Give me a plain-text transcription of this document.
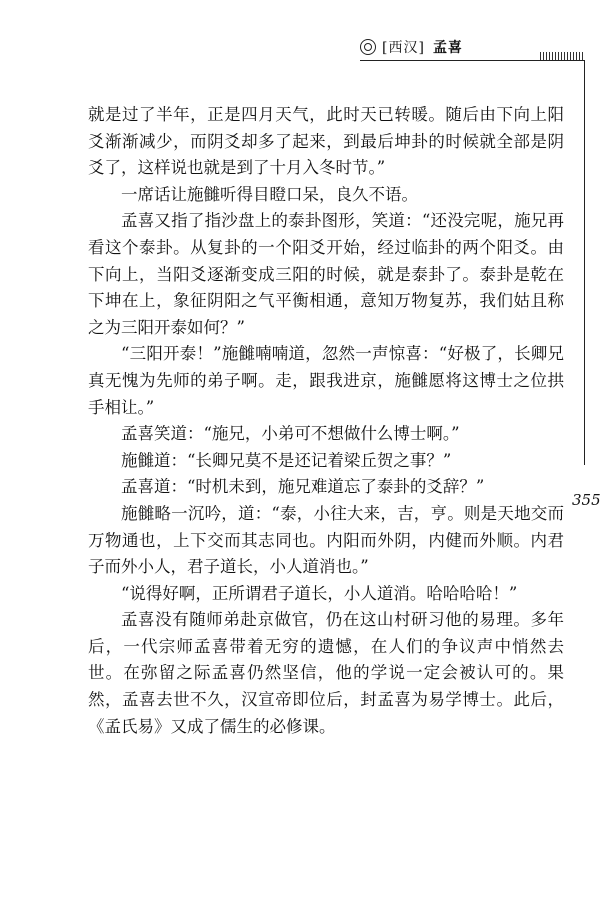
[西汉] 孟喜
355

就是过了半年，正是四月天气，此时天已转暖。随后由下向上阳爻渐渐减少，而阴爻却多了起来，到最后坤卦的时候就全部是阴爻了，这样说也就是到了十月入冬时节。”

一席话让施雠听得目瞪口呆，良久不语。

孟喜又指了指沙盘上的泰卦图形，笑道：“还没完呢，施兄再看这个泰卦。从复卦的一个阳爻开始，经过临卦的两个阳爻。由下向上，当阳爻逐渐变成三阳的时候，就是泰卦了。泰卦是乾在下坤在上，象征阴阳之气平衡相通，意知万物复苏，我们姑且称之为三阳开泰如何？”

“三阳开泰！”施雠喃喃道，忽然一声惊喜：“好极了，长卿兄真无愧为先师的弟子啊。走，跟我进京，施雠愿将这博士之位拱手相让。”

孟喜笑道：“施兄，小弟可不想做什么博士啊。”

施雠道：“长卿兄莫不是还记着梁丘贺之事？”

孟喜道：“时机未到，施兄难道忘了泰卦的爻辞？”

施雠略一沉吟，道：“泰，小往大来，吉，亨。则是天地交而万物通也，上下交而其志同也。内阳而外阴，内健而外顺。内君子而外小人，君子道长，小人道消也。”

“说得好啊，正所谓君子道长，小人道消。哈哈哈哈！”

孟喜没有随师弟赴京做官，仍在这山村研习他的易理。多年后，一代宗师孟喜带着无穷的遗憾，在人们的争议声中悄然去世。在弥留之际孟喜仍然坚信，他的学说一定会被认可的。果然，孟喜去世不久，汉宣帝即位后，封孟喜为易学博士。此后，《孟氏易》又成了儒生的必修课。
